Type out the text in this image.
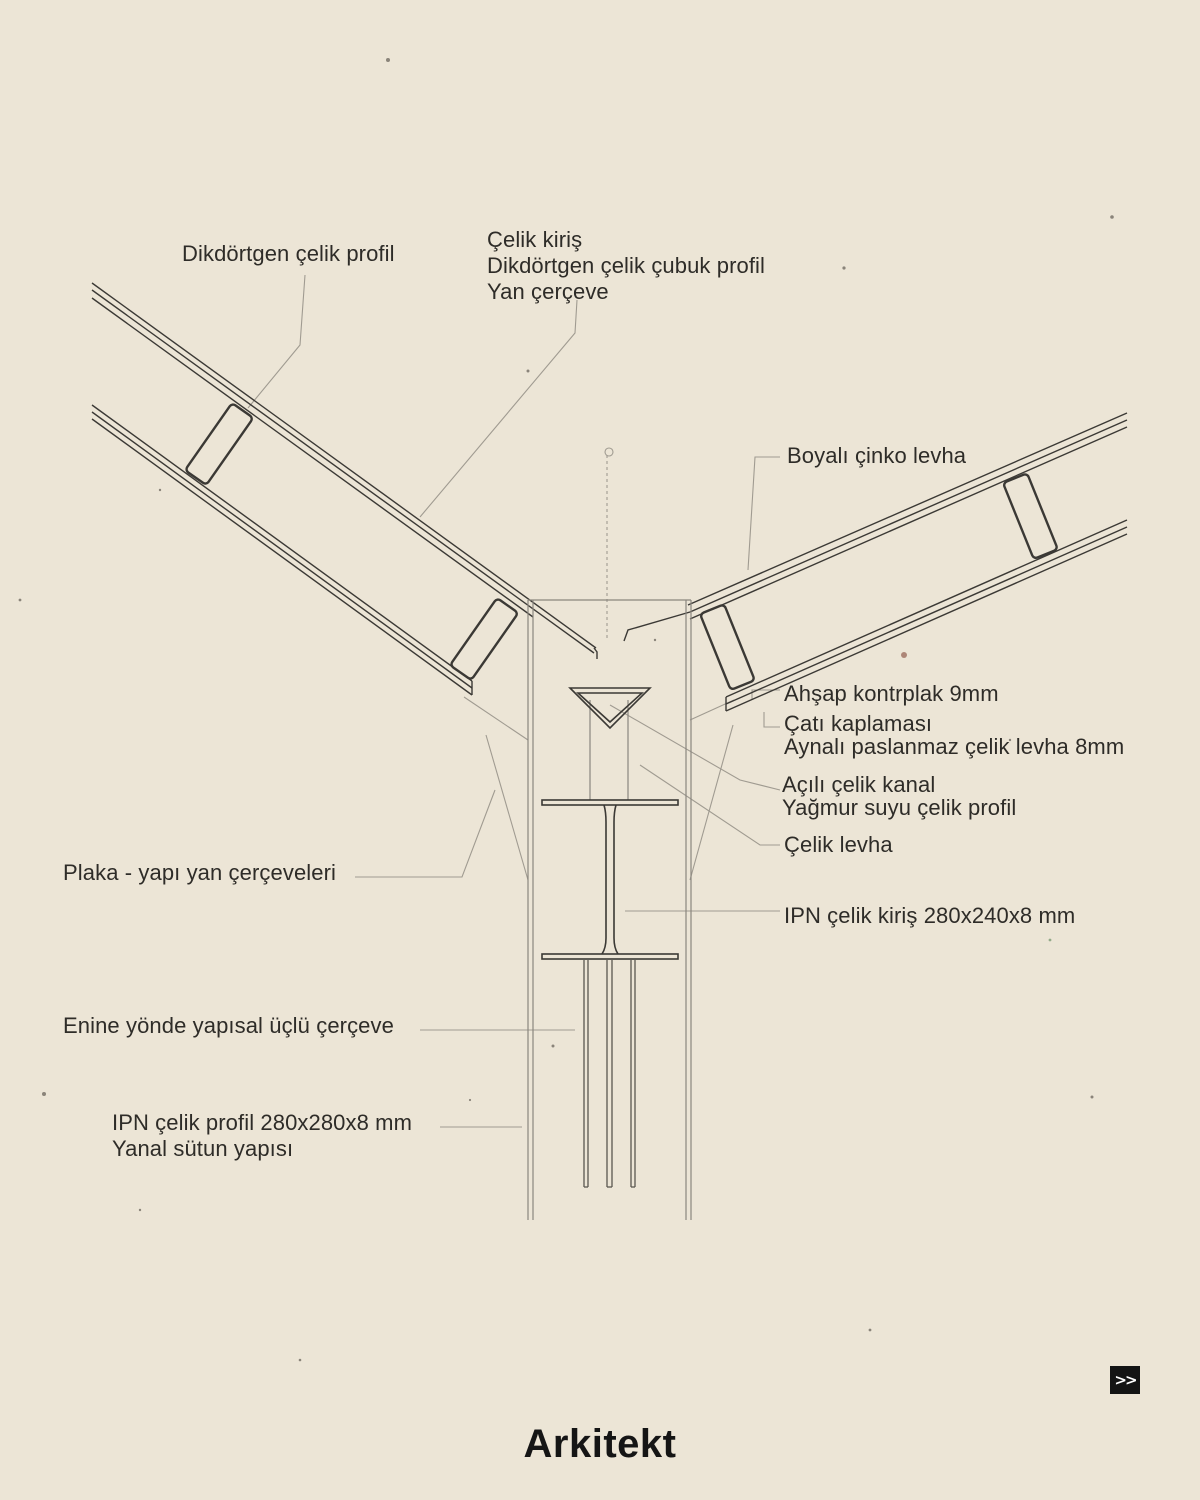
Dikdörtgen çelik profil
Çelik kiriş
Dikdörtgen çelik çubuk profil
Yan çerçeve
Boyalı çinko levha
Ahşap kontrplak 9mm
Çatı kaplaması
Aynalı paslanmaz çelik levha 8mm
Açılı çelik kanal
Yağmur suyu çelik profil
Çelik levha
Plaka - yapı yan çerçeveleri
IPN çelik kiriş 280x240x8 mm
Enine yönde yapısal üçlü çerçeve
IPN çelik profil 280x280x8 mm
Yanal sütun yapısı
>>
Arkitekt
